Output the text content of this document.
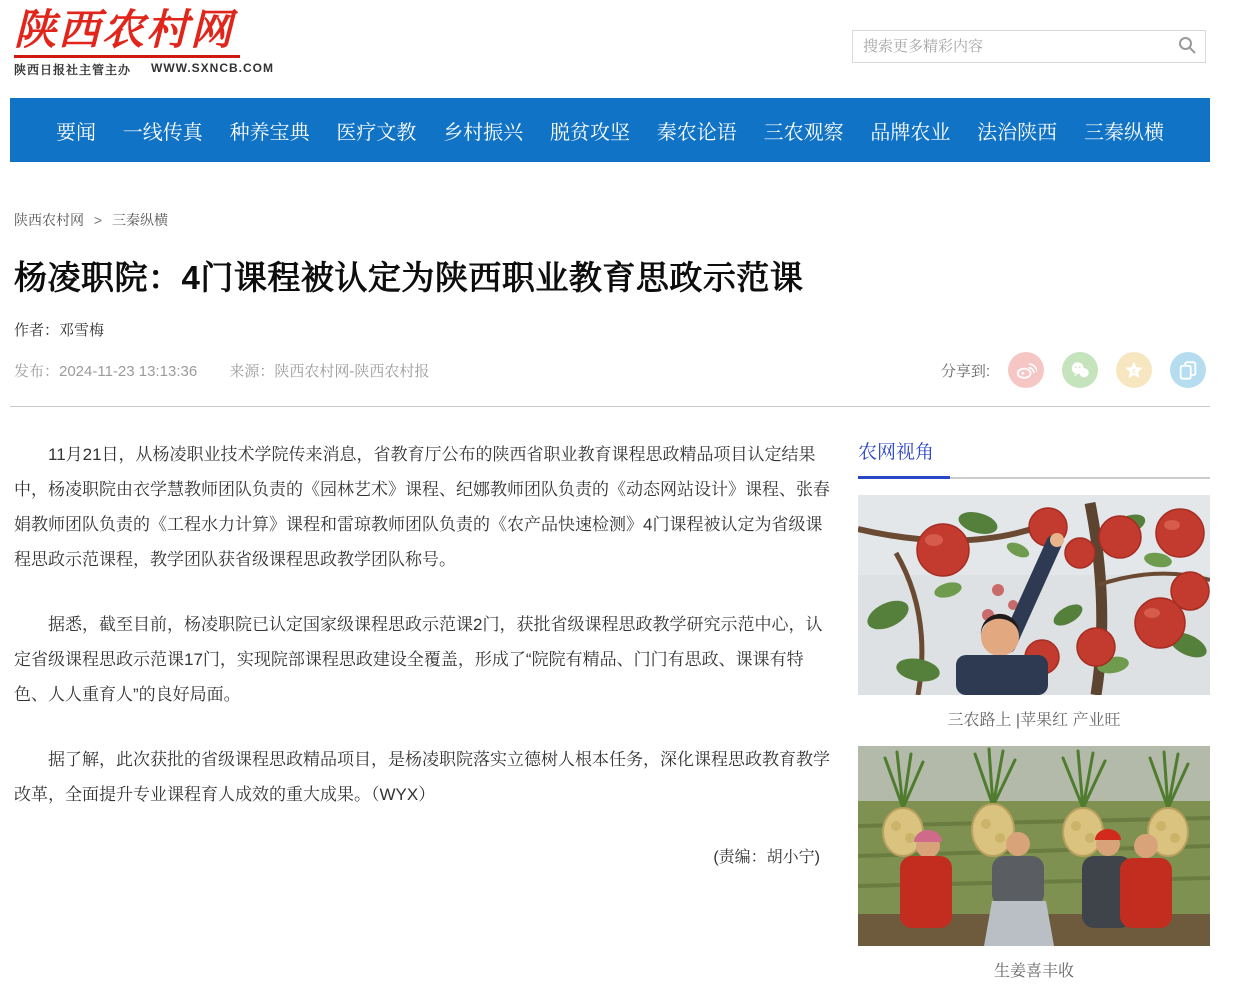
陕西农村网
陕西日报社主管主办 WWW.SXNCB.COM
搜索更多精彩内容
要闻 一线传真 种养宝典 医疗文教 乡村振兴 脱贫攻坚 秦农论语 三农观察 品牌农业 法治陕西 三秦纵横
陕西农村网 > 三秦纵横
杨凌职院：4门课程被认定为陕西职业教育思政示范课
作者：邓雪梅
发布：2024-11-23 13:13:36 来源：陕西农村网-陕西农村报	分享到:	z

11月21日，从杨凌职业技术学院传来消息，省教育厅公布的陕西省职业教育课程思政精品项目认定结果中，杨凌职院由衣学慧教师团队负责的《园林艺术》课程、纪娜教师团队负责的《动态网站设计》课程、张春娟教师团队负责的《工程水力计算》课程和雷琼教师团队负责的《农产品快速检测》4门课程被认定为省级课程思政示范课程，教学团队获省级课程思政教学团队称号。

据悉，截至目前，杨凌职院已认定国家级课程思政示范课2门，获批省级课程思政教学研究示范中心，认定省级课程思政示范课17门，实现院部课程思政建设全覆盖，形成了“院院有精品、门门有思政、课课有特色、人人重育人”的良好局面。

据了解，此次获批的省级课程思政精品项目，是杨凌职院落实立德树人根本任务，深化课程思政教育教学改革，全面提升专业课程育人成效的重大成果。（WYX）

(责编：胡小宁)
农网视角
三农路上 |苹果红 产业旺
生姜喜丰收
